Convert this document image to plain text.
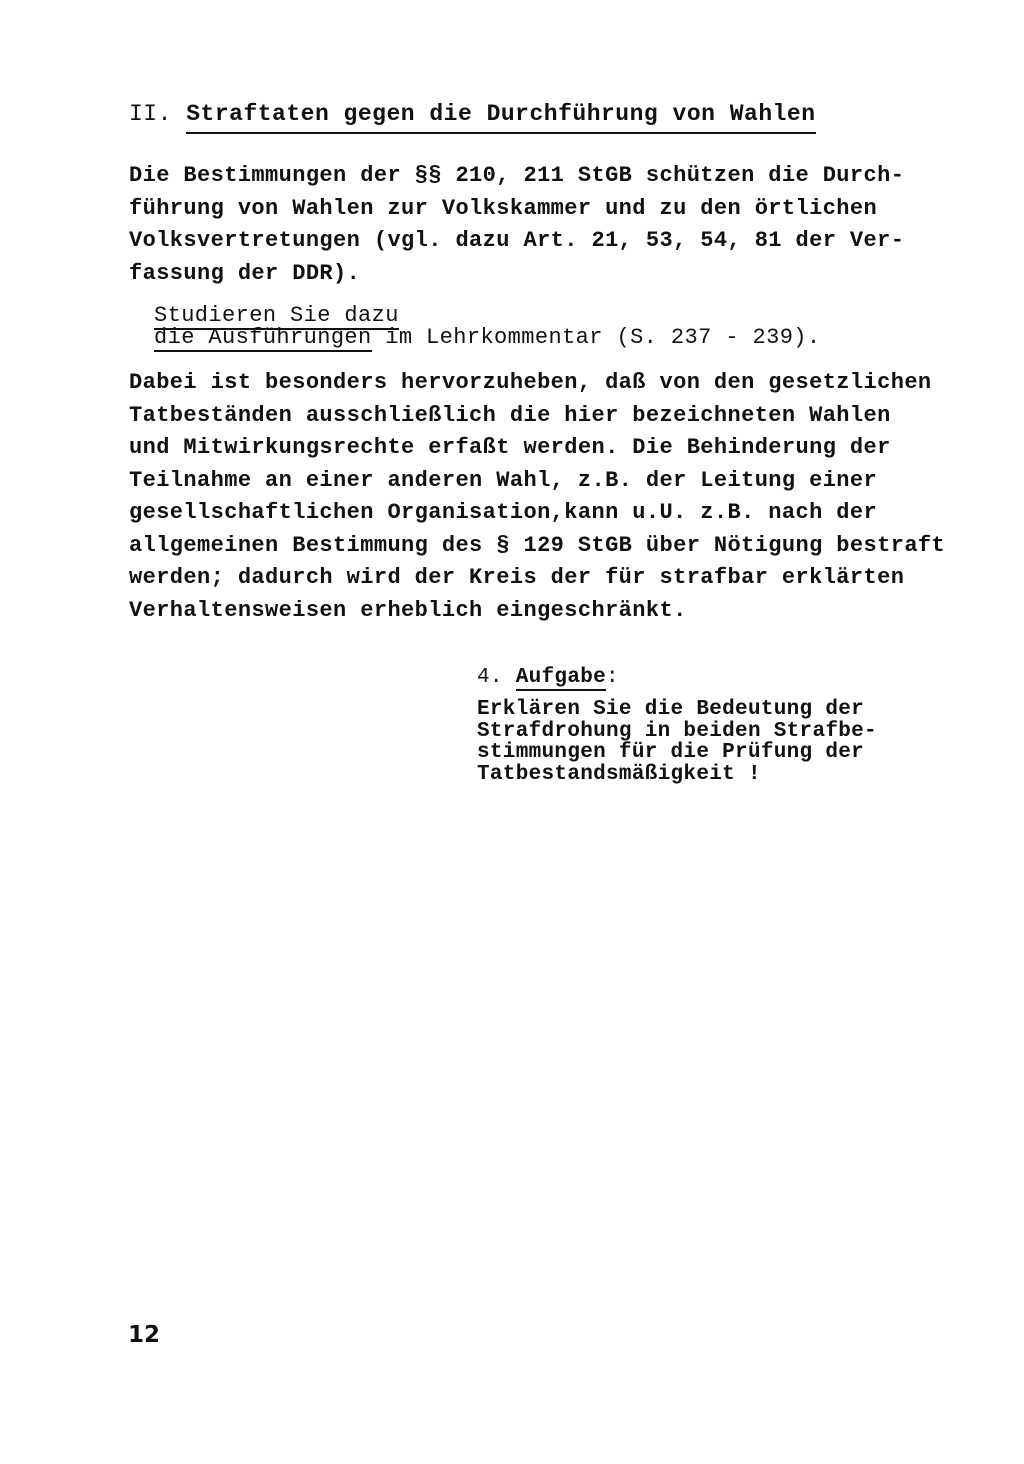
II. Straftaten gegen die Durchführung von Wahlen
Die Bestimmungen der §§ 210, 211 StGB schützen die Durch-
führung von Wahlen zur Volkskammer und zu den örtlichen
Volksvertretungen (vgl. dazu Art. 21, 53, 54, 81 der Ver-
fassung der DDR).
Studieren Sie dazu
die Ausführungen im Lehrkommentar (S. 237 - 239).
Dabei ist besonders hervorzuheben, daß von den gesetzlichen
Tatbeständen ausschließlich die hier bezeichneten Wahlen
und Mitwirkungsrechte erfaßt werden. Die Behinderung der
Teilnahme an einer anderen Wahl, z.B. der Leitung einer
gesellschaftlichen Organisation,kann u.U. z.B. nach der
allgemeinen Bestimmung des § 129 StGB über Nötigung bestraft
werden; dadurch wird der Kreis der für strafbar erklärten
Verhaltensweisen erheblich eingeschränkt.
4. Aufgabe:
Erklären Sie die Bedeutung der
Strafdrohung in beiden Strafbe-
stimmungen für die Prüfung der
Tatbestandsmäßigkeit !
12
